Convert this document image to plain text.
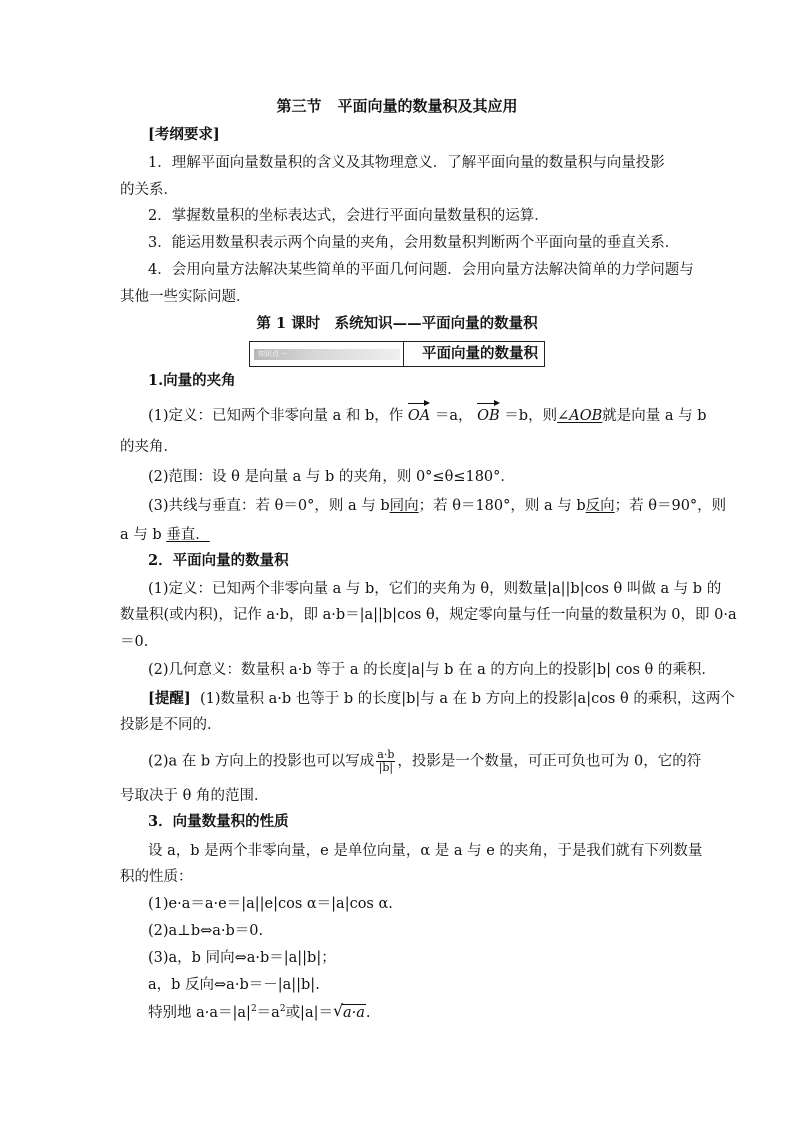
第三节 平面向量的数量积及其应用
[考纲要求]
1．理解平面向量数量积的含义及其物理意义．了解平面向量的数量积与向量投影
的关系．
2．掌握数量积的坐标表达式，会进行平面向量数量积的运算．
3．能运用数量积表示两个向量的夹角，会用数量积判断两个平面向量的垂直关系．
4．会用向量方法解决某些简单的平面几何问题．会用向量方法解决简单的力学问题与
其他一些实际问题．
第 1 课时　系统知识——平面向量的数量积
知识点一	平面向量的数量积
1.向量的夹角
(1)定义：已知两个非零向量 a 和 b，作 OA ＝a， OB ＝b，则∠AOB就是向量 a 与 b
的夹角．
(2)范围：设 θ 是向量 a 与 b 的夹角，则 0°≤θ≤180°．
(3)共线与垂直：若 θ＝0°，则 a 与 b同向；若 θ＝180°，则 a 与 b反向；若 θ＝90°，则
a 与 b 垂直．
2．平面向量的数量积
(1)定义：已知两个非零向量 a 与 b，它们的夹角为 θ，则数量|a||b|cos θ 叫做 a 与 b 的
数量积(或内积)，记作 a·b，即 a·b＝|a||b|cos θ，规定零向量与任一向量的数量积为 0，即 0·a
＝0.
(2)几何意义：数量积 a·b 等于 a 的长度|a|与 b 在 a 的方向上的投影|b| cos θ 的乘积．
[提醒] (1)数量积 a·b 也等于 b 的长度|b|与 a 在 b 方向上的投影|a|cos θ 的乘积，这两个
投影是不同的．
(2)a 在 b 方向上的投影也可以写成 $\frac{a\cdot b}{|b|}$ ，投影是一个数量，可正可负也可为 0，它的符
号取决于 θ 角的范围．
3．向量数量积的性质
设 a，b 是两个非零向量，e 是单位向量，α 是 a 与 e 的夹角，于是我们就有下列数量
积的性质：
(1)e·a＝a·e＝|a||e|cos α＝|a|cos α.
(2)a⊥b⇔a·b＝0.
(3)a，b 同向⇔a·b＝|a||b|；
a，b 反向⇔a·b＝－|a||b|.
特别地 $a\cdot a=|a|^2=a^2$或|a|＝ √ a·a.
